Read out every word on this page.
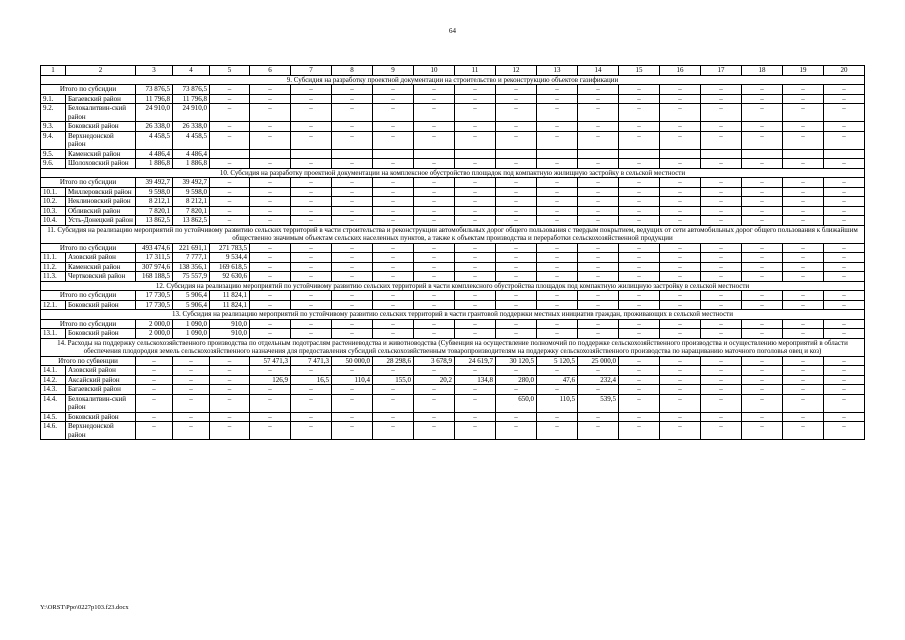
64
1	2	3	4	5	6	7	8	9	10	11	12	13	14	15	16	17	18	19	20
9. Субсидия на разработку проектной документации на строительство и реконструкцию объектов газификации																			
Итого по субсидии		73 876,5	73 876,5	–	–	–	–	–	–	–	–	–	–	–	–	–	–	–	–
9.1.	Багаевский район	11 796,8	11 796,8	–	–	–	–	–	–	–	–	–	–	–	–	–	–	–	–
9.2.	Белокалитвин-ский район	24 910,0	24 910,0	–	–	–	–	–	–	–	–	–	–	–	–	–	–	–	–
9.3.	Боковский район	26 338,0	26 338,0	–	–	–	–	–	–	–	–	–	–	–	–	–	–	–	–
9.4.	Верхнедонской район	4 458,5	4 458,5	–	–	–	–	–	–	–	–	–	–	–	–	–	–	–	–
9.5.	Каменский район	4 486,4	4 486,4																
9.6.	Шолоховский район	1 886,8	1 886,8	–	–	–	–	–	–	–	–	–	–	–	–	–	–	–	–
10. Субсидия на разработку проектной документации на комплексное обустройство площадок под компактную жилищную застройку в сельской местности																			
Итого по субсидии		39 492,7	39 492,7	–	–	–	–	–	–	–	–	–	–	–	–	–	–	–	–
10.1.	Миллеровский район	9 598,0	9 598,0	–	–	–	–	–	–	–	–	–	–	–	–	–	–	–	–
10.2.	Неклиновский район	8 212,1	8 212,1	–	–	–	–	–	–	–	–	–	–	–	–	–	–	–	–
10.3.	Обливский район	7 820,1	7 820,1	–	–	–	–	–	–	–	–	–	–	–	–	–	–	–	–
10.4.	Усть-Донецкий район	13 862,5	13 862,5	–	–	–	–	–	–	–	–	–	–	–	–	–	–	–	–
11. Субсидия на реализацию мероприятий по устойчивому развитию сельских территорий в части строительства и реконструкции автомобильных дорог общего пользования с твердым покрытием, ведущих от сети автомобильных дорог общего пользования к ближайшим общественно значимым объектам сельских населенных пунктов, а также к объектам производства и переработки сельскохозяйственной продукции																			
Итого по субсидии		493 474,6	221 691,1	271 783,5	–	–	–	–	–	–	–	–	–	–	–	–	–	–	–
11.1.	Азовский район	17 311,5	7 777,1	9 534,4	–	–	–	–	–	–	–	–	–	–	–	–	–	–	–
11.2.	Каменский район	307 974,6	138 356,1	169 618,5	–	–	–	–	–	–	–	–	–	–	–	–	–	–	–
11.3.	Чертковский район	168 188,5	75 557,9	92 630,6	–	–	–	–	–	–	–	–	–	–	–	–	–	–	–
12. Субсидия на реализацию мероприятий по устойчивому развитию сельских территорий в части комплексного обустройства площадок под компактную жилищную застройку в сельской местности																			
Итого по субсидии		17 730,5	5 906,4	11 824,1	–	–	–	–	–	–	–	–	–	–	–	–	–	–	–
12.1.	Боковский район	17 730,5	5 906,4	11 824,1	–	–	–	–	–	–	–	–	–	–	–	–	–	–	–
13. Субсидия на реализацию мероприятий по устойчивому развитию сельских территорий в части грантовой поддержки местных инициатив граждан, проживающих в сельской местности																			
Итого по субсидии		2 000,0	1 090,0	910,0	–	–	–	–	–	–	–	–	–	–	–	–	–	–	–
13.1.	Боковский район	2 000,0	1 090,0	910,0	–	–	–	–	–	–	–	–	–	–	–	–	–	–	–
14. Расходы на поддержку сельскохозяйственного производства по отдельным подотраслям растениеводства и животноводства (Субвенция на осуществление полномочий по поддержке сельскохозяйственного производства и осуществлению мероприятий в области обеспечения плодородия земель сельскохозяйственного назначения для предоставления субсидий сельскохозяйственным товаропроизводителям на поддержку сельскохозяйственного производства по наращиванию маточного поголовья овец и коз)																			
Итого по субвенции		–	–	–	57 471,3	7 471,3	50 000,0	28 298,6	3 678,9	24 619,7	30 120,5	5 120,5	25 000,0	–	–	–	–	–	–
14.1.	Азовский район	–	–	–	–	–	–	–	–	–	–	–	–	–	–	–	–	–	–
14.2.	Аксайский район	–	–	–	126,9	16,5	110,4	155,0	20,2	134,8	280,0	47,6	232,4	–	–	–	–	–	–
14.3.	Багаевский район	–	–	–	–	–	–	–	–	–	–	–	–	–	–	–	–	–	–
14.4.	Белокалитвин-ский район	–	–	–	–	–	–	–	–	–	650,0	110,5	539,5	–	–	–	–	–	–
14.5.	Боковский район	–	–	–	–	–	–	–	–	–	–	–	–	–	–	–	–	–	–
14.6.	Верхнедонской район	–	–	–	–	–	–	–	–	–	–	–	–	–	–	–	–	–	–
Y:\ORST\Ppo\0227p103.f23.docx
